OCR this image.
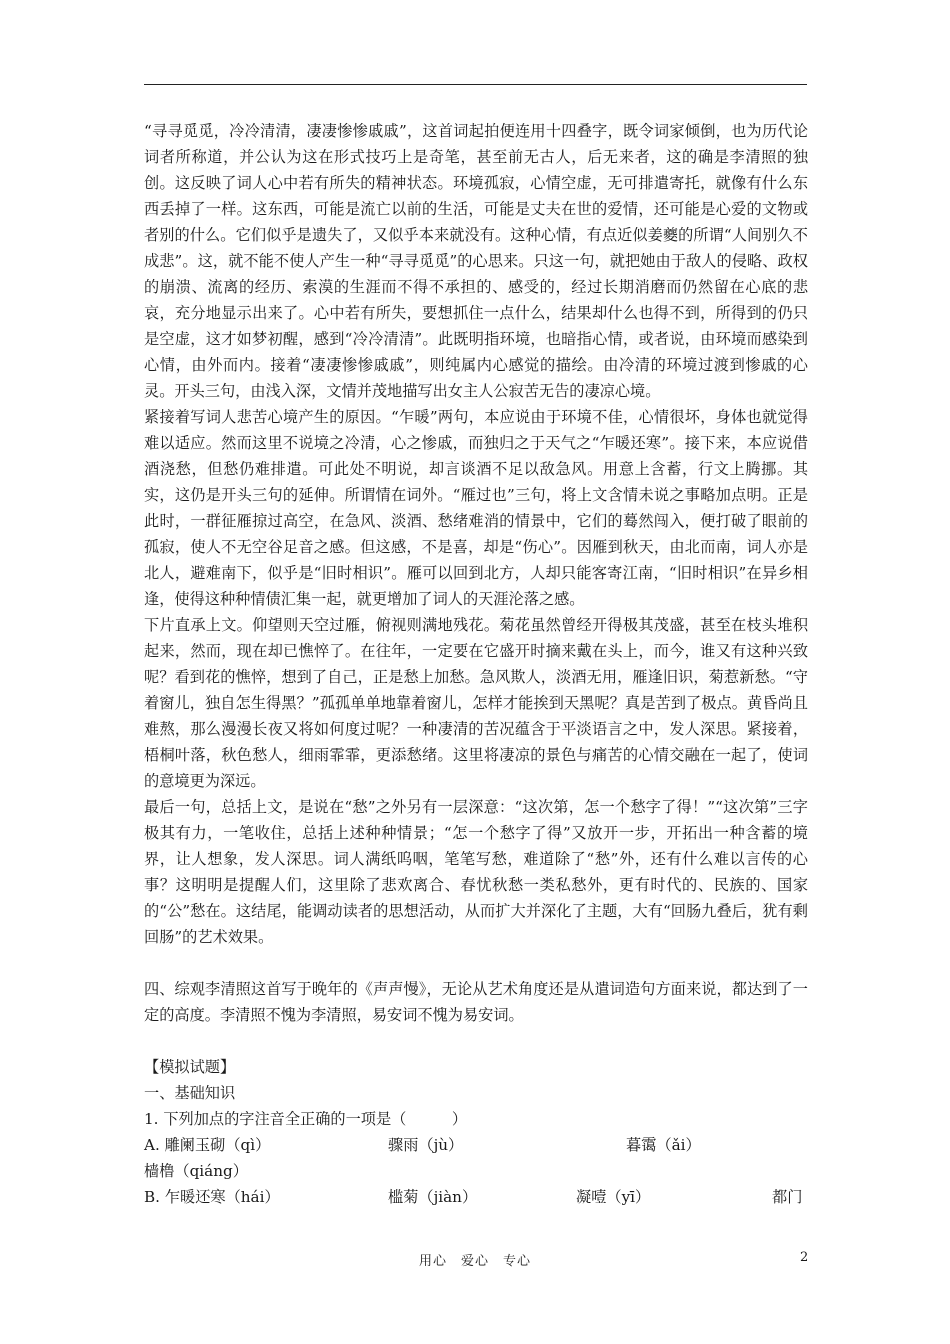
“寻寻觅觅，冷冷清清，凄凄惨惨戚戚”，这首词起拍便连用十四叠字，既令词家倾倒，也为历代论词者所称道，并公认为这在形式技巧上是奇笔，甚至前无古人，后无来者，这的确是李清照的独创。这反映了词人心中若有所失的精神状态。环境孤寂，心情空虚，无可排遣寄托，就像有什么东西丢掉了一样。这东西，可能是流亡以前的生活，可能是丈夫在世的爱情，还可能是心爱的文物或者别的什么。它们似乎是遗失了，又似乎本来就没有。这种心情，有点近似姜夔的所谓“人间别久不成悲”。这，就不能不使人产生一种“寻寻觅觅”的心思来。只这一句，就把她由于敌人的侵略、政权的崩溃、流离的经历、索漠的生涯而不得不承担的、感受的，经过长期消磨而仍然留在心底的悲哀，充分地显示出来了。心中若有所失，要想抓住一点什么，结果却什么也得不到，所得到的仍只是空虚，这才如梦初醒，感到“冷冷清清”。此既明指环境，也暗指心情，或者说，由环境而感染到心情，由外而内。接着“凄凄惨惨戚戚”，则纯属内心感觉的描绘。由冷清的环境过渡到惨戚的心灵。开头三句，由浅入深，文情并茂地描写出女主人公寂苦无告的凄凉心境。

紧接着写词人悲苦心境产生的原因。“乍暖”两句，本应说由于环境不佳，心情很坏，身体也就觉得难以适应。然而这里不说境之冷清，心之惨戚，而独归之于天气之“乍暖还寒”。接下来，本应说借酒浇愁，但愁仍难排遣。可此处不明说，却言谈酒不足以敌急风。用意上含蓄，行文上腾挪。其实，这仍是开头三句的延伸。所谓情在词外。“雁过也”三句，将上文含情未说之事略加点明。正是此时，一群征雁掠过高空，在急风、淡酒、愁绪难消的情景中，它们的蓦然闯入，便打破了眼前的孤寂，使人不无空谷足音之感。但这感，不是喜，却是“伤心”。因雁到秋天，由北而南，词人亦是北人，避难南下，似乎是“旧时相识”。雁可以回到北方，人却只能客寄江南，“旧时相识”在异乡相逢，使得这种种情债汇集一起，就更增加了词人的天涯沦落之感。

下片直承上文。仰望则天空过雁，俯视则满地残花。菊花虽然曾经开得极其茂盛，甚至在枝头堆积起来，然而，现在却已憔悴了。在往年，一定要在它盛开时摘来戴在头上，而今，谁又有这种兴致呢？看到花的憔悴，想到了自己，正是愁上加愁。急风欺人，淡酒无用，雁逢旧识，菊惹新愁。“守着窗儿，独自怎生得黑？”孤孤单单地靠着窗儿，怎样才能挨到天黑呢？真是苦到了极点。黄昏尚且难熬，那么漫漫长夜又将如何度过呢？一种凄清的苦况蕴含于平淡语言之中，发人深思。紧接着，梧桐叶落，秋色愁人，细雨霏霏，更添愁绪。这里将凄凉的景色与痛苦的心情交融在一起了，使词的意境更为深远。

最后一句，总括上文，是说在“愁”之外另有一层深意：“这次第，怎一个愁字了得！”“这次第”三字极其有力，一笔收住，总括上述种种情景；“怎一个愁字了得”又放开一步，开拓出一种含蓄的境界，让人想象，发人深思。词人满纸呜咽，笔笔写愁，难道除了“愁”外，还有什么难以言传的心事？这明明是提醒人们，这里除了悲欢离合、春忧秋愁一类私愁外，更有时代的、民族的、国家的“公”愁在。这结尾，能调动读者的思想活动，从而扩大并深化了主题，大有“回肠九叠后，犹有剩回肠”的艺术效果。

四、综观李清照这首写于晚年的《声声慢》，无论从艺术角度还是从遣词造句方面来说，都达到了一定的高度。李清照不愧为李清照，易安词不愧为易安词。

【模拟试题】

一、基础知识

1. 下列加点的字注音全正确的一项是（　　　）

A. 雕阑玉砌（qì）	骤雨（jù）	暮霭（ǎi）

樯橹（qiáng）

B. 乍暖还寒（hái）	槛菊（jiàn）	凝噎（yī）	都门
用心　爱心　专心	2
